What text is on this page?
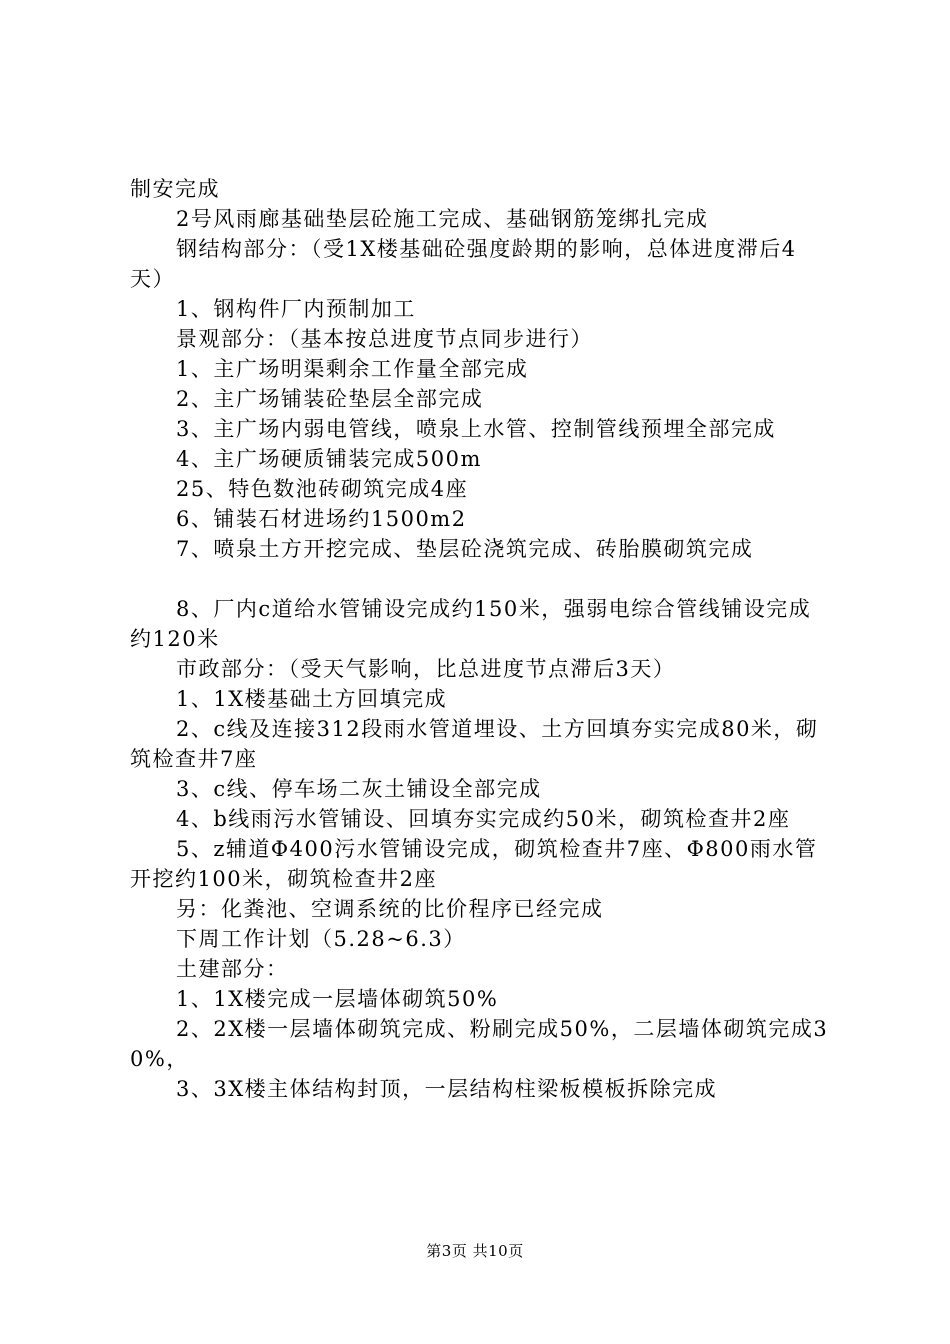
制安完成

2号风雨廊基础垫层砼施工完成、基础钢筋笼绑扎完成

钢结构部分：（受1X楼基础砼强度龄期的影响，总体进度滞后4天）

1、钢构件厂内预制加工

景观部分：（基本按总进度节点同步进行）

1、主广场明渠剩余工作量全部完成

2、主广场铺装砼垫层全部完成

3、主广场内弱电管线，喷泉上水管、控制管线预埋全部完成

4、主广场硬质铺装完成500m

25、特色数池砖砌筑完成4座

6、铺装石材进场约1500m2

7、喷泉土方开挖完成、垫层砼浇筑完成、砖胎膜砌筑完成

8、厂内c道给水管铺设完成约150米，强弱电综合管线铺设完成约120米

市政部分：（受天气影响，比总进度节点滞后3天）

1、1X楼基础土方回填完成

2、c线及连接312段雨水管道埋设、土方回填夯实完成80米，砌筑检查井7座

3、c线、停车场二灰土铺设全部完成

4、b线雨污水管铺设、回填夯实完成约50米，砌筑检查井2座

5、z辅道Φ400污水管铺设完成，砌筑检查井7座、Φ800雨水管开挖约100米，砌筑检查井2座

另：化粪池、空调系统的比价程序已经完成

下周工作计划（5.28~6.3）

土建部分：

1、1X楼完成一层墙体砌筑50%

2、2X楼一层墙体砌筑完成、粉刷完成50%，二层墙体砌筑完成30%，

3、3X楼主体结构封顶，一层结构柱梁板模板拆除完成

第3页 共10页
